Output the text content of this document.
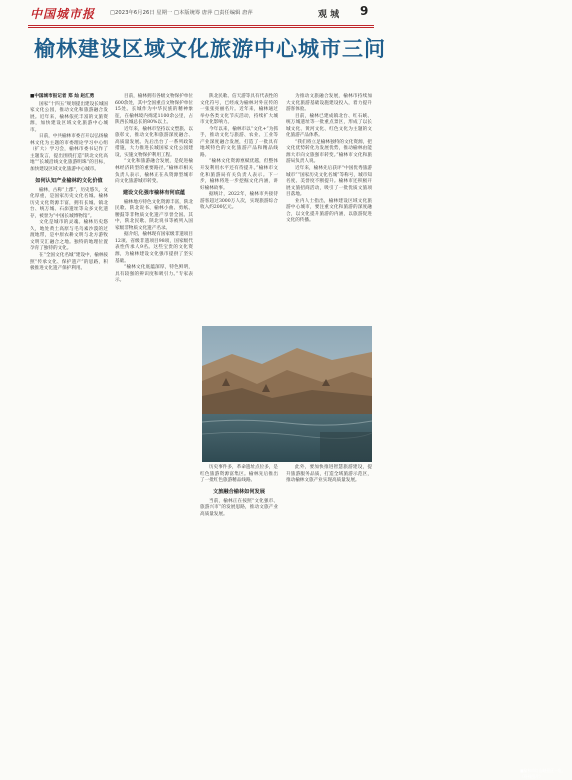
中国城市报	□2023年6月26日 星期一 □本版统筹 唐萍 □责任编辑 唐萍	观 城 9
榆林建设区域文化旅游中心城市三问

■中国城市报记者 郑 灿 赵汇勇

国家“十四五”规划提出建设长城国家文化公园，推动文化和旅游融合发展。近年来，榆林依托丰富的文旅资源，加快建设区域文化旅游中心城市。

日前，中共榆林市委召开以弘扬榆林文化为主题的市委理论学习中心组（扩大）学习会，榆林市委书记作了主题发言，提出围绕打造“陕北文化高地”“长城沿线文化旅游明珠”的目标，加快建设区域文化旅游中心城市。

如何认知产业榆林的文化价值

榆林，古称“上郡”，历史悠久，文化厚重，是国家历史文化名城。榆林历史文化资源丰富，拥有长城、镇北台、统万城、石峁遗址等众多文化遗存，被誉为“中国长城博物馆”。

文化是城市的灵魂。榆林历史悠久，地处黄土高原与毛乌素沙漠的过渡地带，是中原农耕文明与北方游牧文明交汇融合之地。独特的地理位置孕育了独特的文化。

在“全国文化名城”建设中，榆林按照“传承文化、保护遗产”的思路，积极推进文化遗产保护利用。

目前，榆林拥有各级文物保护单位600余处，其中全国重点文物保护单位15处。长城作为中华民族的精神象征，在榆林境内绵延1100余公里，占陕西长城总长的80%以上。

近年来，榆林市坚持以文塑旅、以旅彰文，推动文化和旅游深度融合、高质量发展。先后出台了一系列政策措施，大力推进长城国家文化公园建设，实施文物保护利用工程。

“文化和旅游融合发展，是促进榆林经济转型的重要路径。”榆林市相关负责人表示，榆林正在从资源型城市向文化旅游城市转变。

建设文化强市榆林有何底蕴

榆林地方特色文化资源丰富，陕北民歌、陕北说书、榆林小曲、剪纸、腰鼓等非物质文化遗产享誉全国。其中，陕北民歌、陕北说书等被列入国家级非物质文化遗产名录。

据介绍，榆林现有国家级非遗项目12项、省级非遗项目98项，国家级代表性传承人9名。这些宝贵的文化资源，为榆林建设文化强市提供了坚实基础。

“榆林文化底蕴深厚，特色鲜明，具有较强的辨识度和吸引力。”专家表示。

陕北民歌、信天游等具有代表性的文化符号，已经成为榆林对外宣传的一张张亮丽名片。近年来，榆林通过举办各类文化节庆活动，持续扩大城市文化影响力。

今年以来，榆林市以“文化+”为抓手，推动文化与旅游、农业、工业等产业深度融合发展，打造了一批具有地域特色的文化旅游产品和精品线路。

“榆林文化资源禀赋优越，但整体开发利用水平还有待提升。”榆林市文化和旅游局有关负责人表示。下一步，榆林将进一步挖掘文化内涵，讲好榆林故事。

据统计，2022年，榆林市共接待游客超过3000万人次，实现旅游综合收入约200亿元。

为推动文旅融合发展，榆林市持续加大文化旅游基础设施建设投入，着力提升游客体验。

目前，榆林已建成镇北台、红石峡、统万城遗址等一批重点景区，形成了以长城文化、黄河文化、红色文化为主题的文化旅游产品体系。

“我们将立足榆林独特的文化资源，把文化优势转化为发展优势，推动榆林由能源大市向文旅强市转变。”榆林市文化和旅游局负责人说。

近年来，榆林先后获评“中国优秀旅游城市”“国家历史文化名城”等称号，城市知名度、美誉度不断提升。榆林市还积极开展文旅招商活动，吸引了一批优质文旅项目落地。

业内人士指出，榆林建设区域文化旅游中心城市，要注重文化和旅游的深度融合，以文化提升旅游的内涵，以旅游促进文化的传播。

■榆林市红山峡景区一角。
（资料图片）

历史事件多，革命遗址点位多，是红色旅游资源富集区。榆林先后推出了一批红色旅游精品线路。

文旅融合榆林如何发展

当前，榆林正在按照“文化强市、旅游兴市”的发展思路，推动文旅产业高质量发展。

此外，要加快推进智慧旅游建设，提升旅游服务品质，打造全域旅游示范区，推动榆林文旅产业实现高质量发展。
